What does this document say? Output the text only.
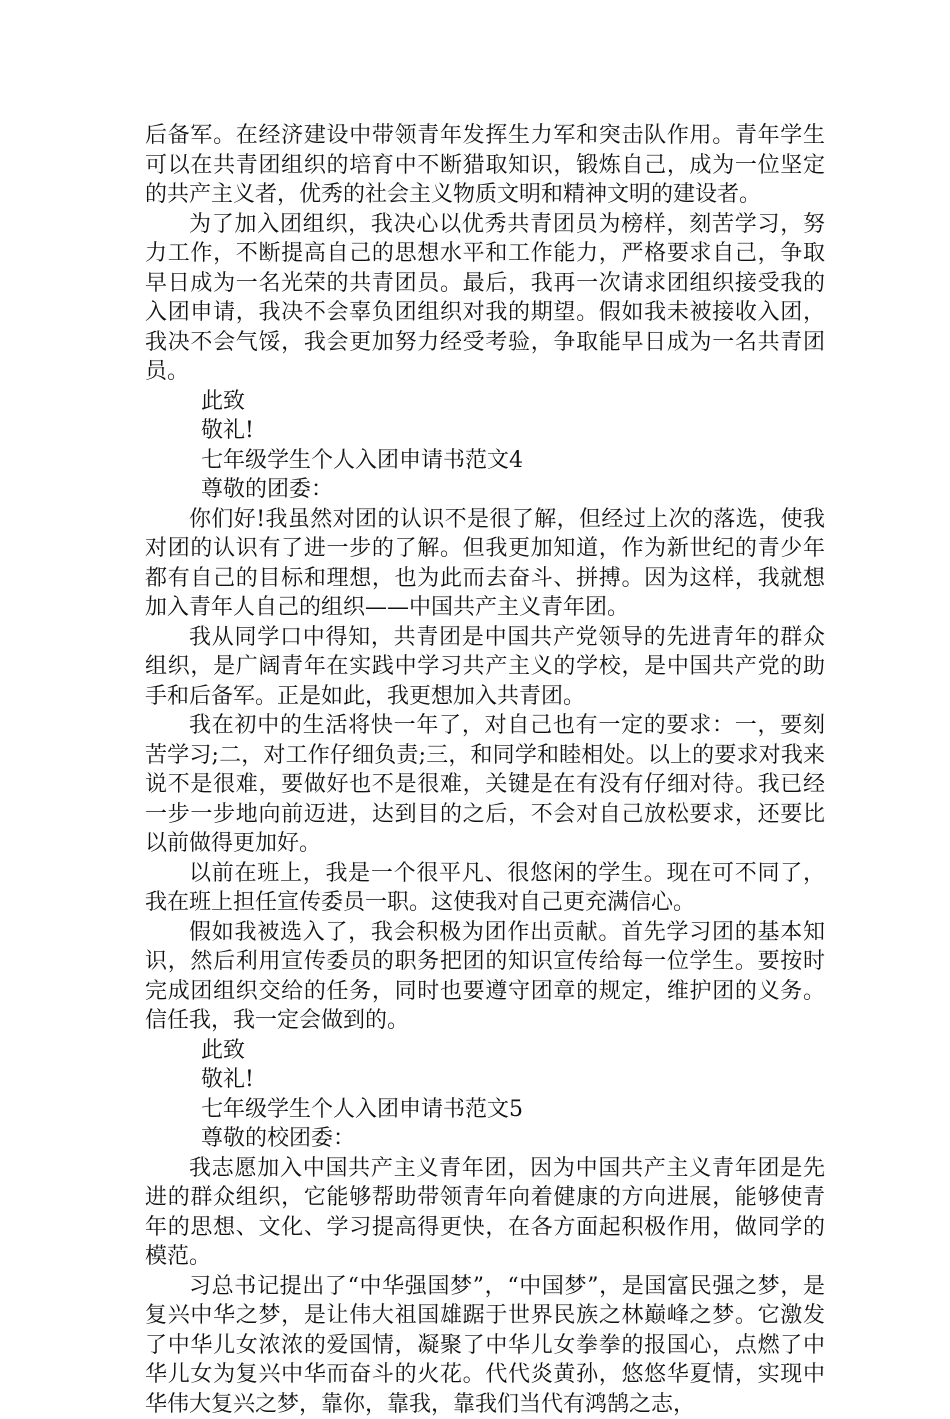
后备军。在经济建设中带领青年发挥生力军和突击队作用。青年学生可以在共青团组织的培育中不断猎取知识，锻炼自己，成为一位坚定的共产主义者，优秀的社会主义物质文明和精神文明的建设者。

为了加入团组织，我决心以优秀共青团员为榜样，刻苦学习，努力工作，不断提高自己的思想水平和工作能力，严格要求自己，争取早日成为一名光荣的共青团员。最后，我再一次请求团组织接受我的入团申请，我决不会辜负团组织对我的期望。假如我未被接收入团，我决不会气馁，我会更加努力经受考验，争取能早日成为一名共青团员。

此致

敬礼!

七年级学生个人入团申请书范文4

尊敬的团委：

你们好!我虽然对团的认识不是很了解，但经过上次的落选，使我对团的认识有了进一步的了解。但我更加知道，作为新世纪的青少年都有自己的目标和理想，也为此而去奋斗、拼搏。因为这样，我就想加入青年人自己的组织——中国共产主义青年团。

我从同学口中得知，共青团是中国共产党领导的先进青年的群众组织，是广阔青年在实践中学习共产主义的学校，是中国共产党的助手和后备军。正是如此，我更想加入共青团。

我在初中的生活将快一年了，对自己也有一定的要求：一，要刻苦学习;二，对工作仔细负责;三，和同学和睦相处。以上的要求对我来说不是很难，要做好也不是很难，关键是在有没有仔细对待。我已经一步一步地向前迈进，达到目的之后，不会对自己放松要求，还要比以前做得更加好。

以前在班上，我是一个很平凡、很悠闲的学生。现在可不同了，我在班上担任宣传委员一职。这使我对自己更充满信心。

假如我被选入了，我会积极为团作出贡献。首先学习团的基本知识，然后利用宣传委员的职务把团的知识宣传给每一位学生。要按时完成团组织交给的任务，同时也要遵守团章的规定，维护团的义务。信任我，我一定会做到的。

此致

敬礼!

七年级学生个人入团申请书范文5

尊敬的校团委：

我志愿加入中国共产主义青年团，因为中国共产主义青年团是先进的群众组织，它能够帮助带领青年向着健康的方向进展，能够使青年的思想、文化、学习提高得更快，在各方面起积极作用，做同学的模范。

习总书记提出了“中华强国梦”，“中国梦”，是国富民强之梦，是复兴中华之梦，是让伟大祖国雄踞于世界民族之林巅峰之梦。它激发了中华儿女浓浓的爱国情，凝聚了中华儿女拳拳的报国心，点燃了中华儿女为复兴中华而奋斗的火花。代代炎黄孙，悠悠华夏情，实现中华伟大复兴之梦，靠你，靠我，靠我们当代有鸿鹄之志，
